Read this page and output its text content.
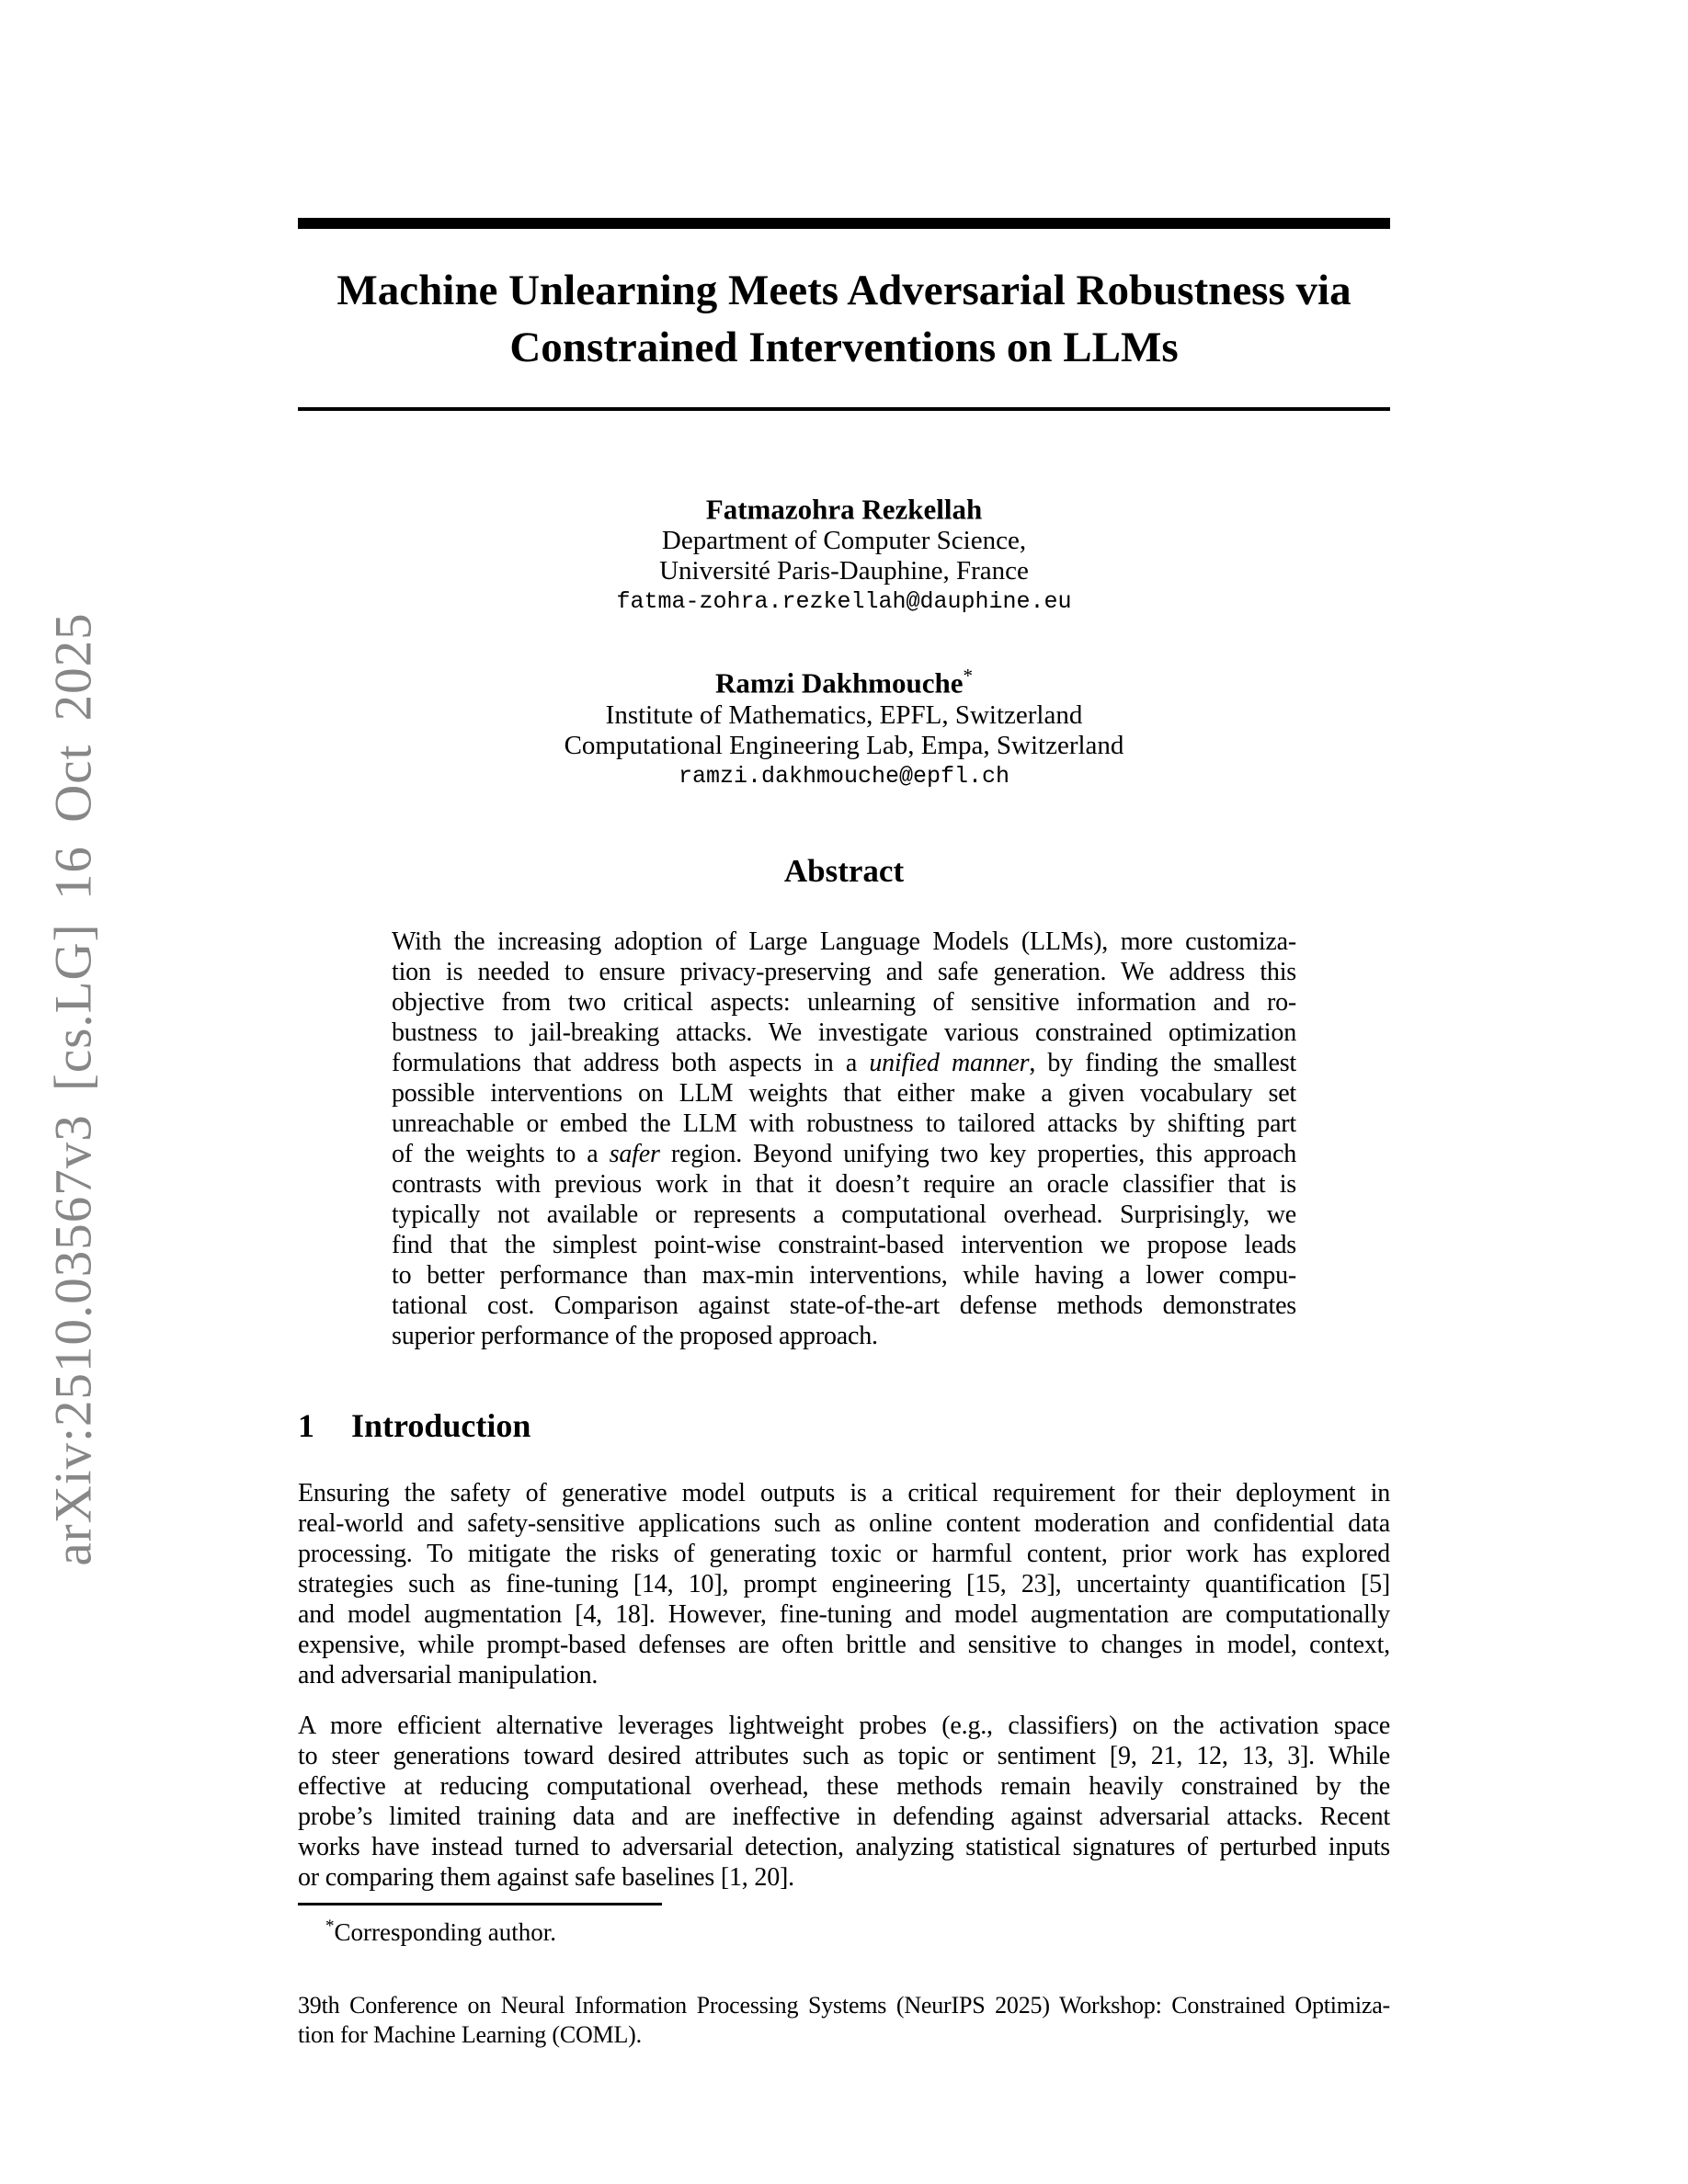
arXiv:2510.03567v3 [cs.LG] 16 Oct 2025
Machine Unlearning Meets Adversarial Robustness via
Constrained Interventions on LLMs
Fatmazohra Rezkellah
Department of Computer Science,
Université Paris-Dauphine, France
fatma-zohra.rezkellah@dauphine.eu
Ramzi Dakhmouche*
Institute of Mathematics, EPFL, Switzerland
Computational Engineering Lab, Empa, Switzerland
ramzi.dakhmouche@epfl.ch
Abstract
With the increasing adoption of Large Language Models (LLMs), more customiza-
tion is needed to ensure privacy-preserving and safe generation. We address this
objective from two critical aspects: unlearning of sensitive information and ro-
bustness to jail-breaking attacks. We investigate various constrained optimization
formulations that address both aspects in a unified manner, by finding the smallest
possible interventions on LLM weights that either make a given vocabulary set
unreachable or embed the LLM with robustness to tailored attacks by shifting part
of the weights to a safer region. Beyond unifying two key properties, this approach
contrasts with previous work in that it doesn’t require an oracle classifier that is
typically not available or represents a computational overhead. Surprisingly, we
find that the simplest point-wise constraint-based intervention we propose leads
to better performance than max-min interventions, while having a lower compu-
tational cost. Comparison against state-of-the-art defense methods demonstrates
superior performance of the proposed approach.
1 Introduction
Ensuring the safety of generative model outputs is a critical requirement for their deployment in
real-world and safety-sensitive applications such as online content moderation and confidential data
processing. To mitigate the risks of generating toxic or harmful content, prior work has explored
strategies such as fine-tuning [14, 10], prompt engineering [15, 23], uncertainty quantification [5]
and model augmentation [4, 18]. However, fine-tuning and model augmentation are computationally
expensive, while prompt-based defenses are often brittle and sensitive to changes in model, context,
and adversarial manipulation.
A more efficient alternative leverages lightweight probes (e.g., classifiers) on the activation space
to steer generations toward desired attributes such as topic or sentiment [9, 21, 12, 13, 3]. While
effective at reducing computational overhead, these methods remain heavily constrained by the
probe’s limited training data and are ineffective in defending against adversarial attacks. Recent
works have instead turned to adversarial detection, analyzing statistical signatures of perturbed inputs
or comparing them against safe baselines [1, 20].
*Corresponding author.
39th Conference on Neural Information Processing Systems (NeurIPS 2025) Workshop: Constrained Optimiza-
tion for Machine Learning (COML).
